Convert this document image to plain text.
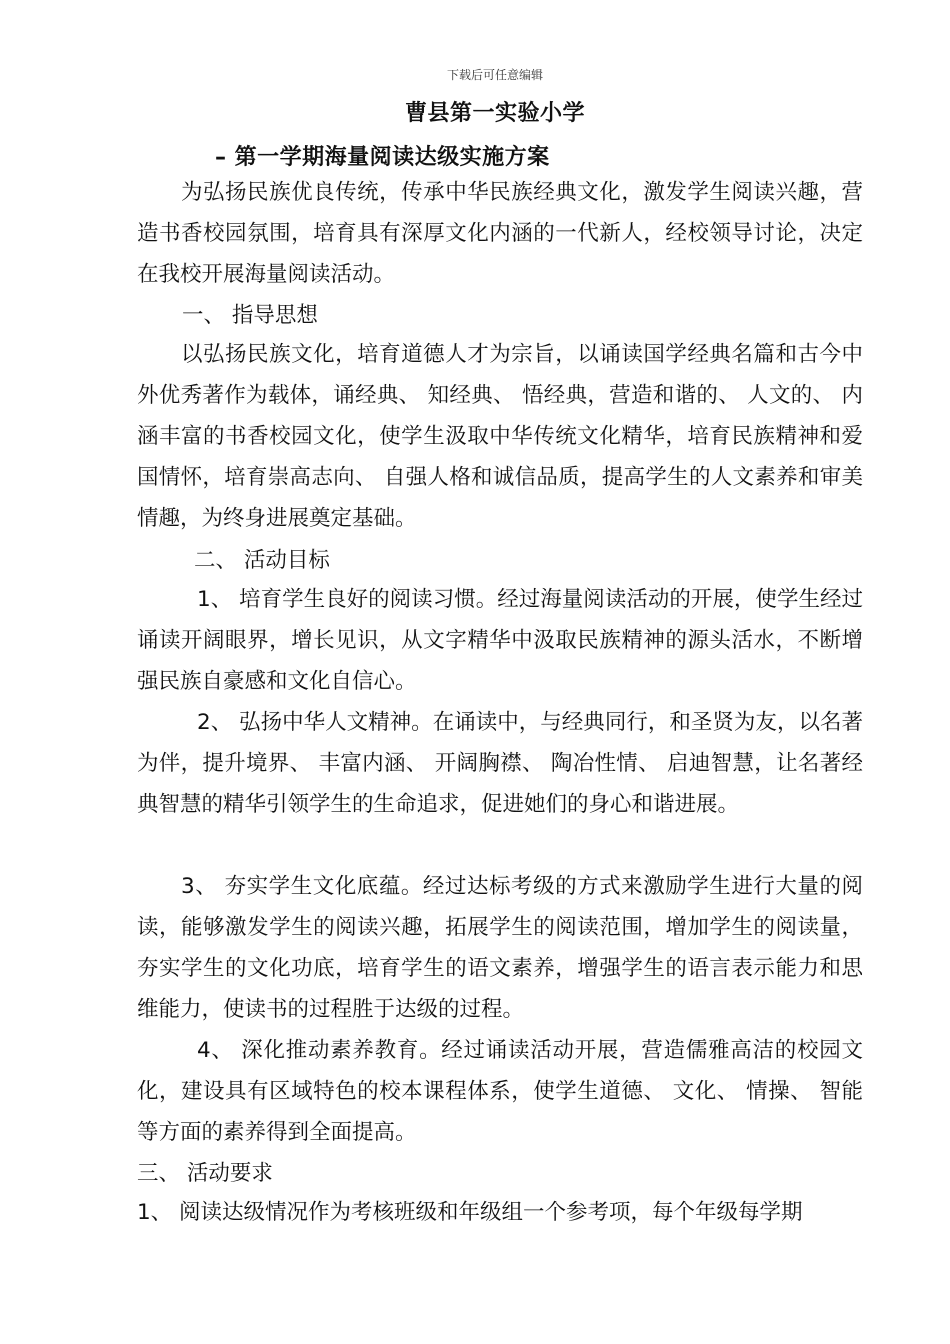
下载后可任意编辑
曹县第一实验小学
– 第一学期海量阅读达级实施方案
为弘扬民族优良传统，传承中华民族经典文化，激发学生阅读兴趣，营造书香校园氛围，培育具有深厚文化内涵的一代新人，经校领导讨论，决定在我校开展海量阅读活动。
一、 指导思想
以弘扬民族文化，培育道德人才为宗旨，以诵读国学经典名篇和古今中外优秀著作为载体，诵经典、 知经典、 悟经典，营造和谐的、 人文的、 内涵丰富的书香校园文化，使学生汲取中华传统文化精华，培育民族精神和爱国情怀，培育崇高志向、 自强人格和诚信品质，提高学生的人文素养和审美情趣，为终身进展奠定基础。
二、 活动目标
1、 培育学生良好的阅读习惯。经过海量阅读活动的开展，使学生经过诵读开阔眼界，增长见识，从文字精华中汲取民族精神的源头活水，不断增强民族自豪感和文化自信心。
2、 弘扬中华人文精神。在诵读中，与经典同行，和圣贤为友，以名著为伴，提升境界、 丰富内涵、 开阔胸襟、 陶冶性情、 启迪智慧，让名著经典智慧的精华引领学生的生命追求，促进她们的身心和谐进展。
3、 夯实学生文化底蕴。经过达标考级的方式来激励学生进行大量的阅读，能够激发学生的阅读兴趣，拓展学生的阅读范围，增加学生的阅读量，夯实学生的文化功底，培育学生的语文素养，增强学生的语言表示能力和思维能力，使读书的过程胜于达级的过程。
4、 深化推动素养教育。经过诵读活动开展，营造儒雅高洁的校园文化，建设具有区域特色的校本课程体系，使学生道德、 文化、 情操、 智能等方面的素养得到全面提高。
三、 活动要求
1、 阅读达级情况作为考核班级和年级组一个参考项，每个年级每学期
